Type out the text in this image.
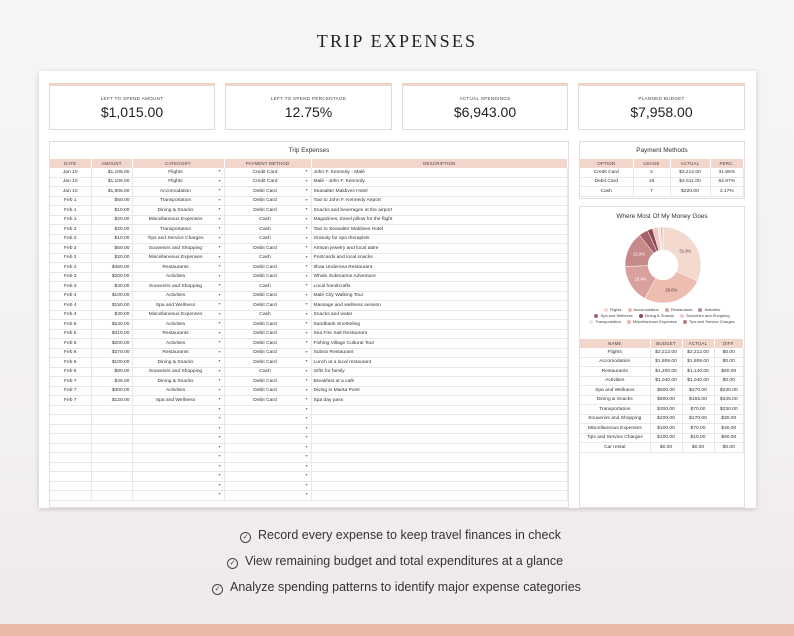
TRIP EXPENSES
LEFT TO SPEND AMOUNT
$1,015.00
LEFT TO SPEND PERCENTAGE
12.75%
ACTUAL SPENDINGS
$6,943.00
PLANNED BUDGET
$7,958.00
Trip Expenses
DATE	AMOUNT	CATEGORY	PAYMENT METHOD	DESCRIPTION
Jan 10	$1,106.00	Flights ▾	Credit Card ▾	John F. Kennedy - Malé
Jan 10	$1,106.00	Flights ▾	Credit Card ▾	Malé - John F. Kennedy
Jan 10	$1,806.00	Accomodation ▾	Debit Card ▾	Seasalter Maldives Hotel
Feb 1	$50.00	Transportation ▾	Debit Card ▾	Taxi to John F. Kennedy Airport
Feb 1	$10.00	Dining & Snacks ▾	Debit Card ▾	Snacks and beverages at the airport
Feb 1	$20.00	Miscellaneous Expenses ▾	Cash ▾	Magazines, travel pillow for the flight
Feb 2	$20.00	Transportation ▾	Cash ▾	Taxi to Seasalter Maldives Hotel
Feb 2	$10.00	Tips and Service Charges ▾	Cash ▾	Gratuity for spa therapists
Feb 2	$50.00	Souvenirs and Shopping ▾	Debit Card ▾	Artisan jewelry and local attire
Feb 2	$20.00	Miscellaneous Expenses ▾	Cash ▾	Postcards and local snacks
Feb 2	$460.00	Restaurants ▾	Debit Card ▾	Ithaa Undersea Restaurant
Feb 3	$200.00	Activities ▾	Debit Card ▾	Whale Submarine Adventure
Feb 3	$40.00	Souvenirs and Shopping ▾	Cash ▾	Local handicrafts
Feb 4	$100.00	Activities ▾	Debit Card ▾	Malé City Walking Tour
Feb 4	$150.00	Spa and Wellness ▾	Debit Card ▾	Massage and wellness session
Feb 4	$30.00	Miscellaneous Expenses ▾	Cash ▾	Snacks and water
Feb 5	$240.00	Activities ▾	Debit Card ▾	Sandbank Snorkeling
Feb 5	$310.00	Restaurants ▾	Debit Card ▾	Sea Fire Salt Restaurant
Feb 6	$200.00	Activities ▾	Debit Card ▾	Fishing Village Cultural Tour
Feb 6	$370.00	Restaurants ▾	Debit Card ▾	Subsix Restaurant
Feb 6	$100.00	Dining & Snacks ▾	Debit Card ▾	Lunch at a local restaurant
Feb 6	$80.00	Souvenirs and Shopping ▾	Cash ▾	Gifts for family
Feb 7	$45.00	Dining & Snacks ▾	Debit Card ▾	Breakfast at a café
Feb 7	$300.00	Activities ▾	Debit Card ▾	Diving in Manta Point
Feb 7	$120.00	Spa and Wellness ▾	Debit Card ▾	Spa day pass

		▾	▾	

		▾	▾	

		▾	▾	

		▾	▾	

		▾	▾	

		▾	▾	

		▾	▾	

		▾	▾	

		▾	▾	

		▾	▾	

Payment Methods
OPTION	USAGE	ACTUAL	PERC.
Credit Card	2	$2,212.00	31.86%
Debit Card	16	$4,511.00	64.97%
Cash	7	$220.00	3.17%
Where Most Of My Money Goes
31.9%
26.0%
16.4%
15.0%
Flights	Accomodation	Restaurants	ActivitiesSpa and Wellness	Dining & Snacks	Souvenirs and ShoppingTransportation	Miscellaneous Expenses	Tips and Service Charges
NAME	BUDGET	ACTUAL	DIFF.
Flights	$2,212.00	$2,212.00	$0.00
Accomodation	$1,806.00	$1,806.00	$0.00
Restaurants	$1,200.00	$1,140.00	$60.00
Activities	$1,040.00	$1,040.00	$0.00
Spa and Wellness	$500.00	$270.00	$230.00
Dining & Snacks	$500.00	$155.00	$345.00
Transportation	$300.00	$70.00	$230.00
Souvenirs and Shopping	$200.00	$170.00	$30.00
Miscellaneous Expenses	$100.00	$70.00	$30.00
Tips and Service Charges	$100.00	$10.00	$90.00
Car rental	$0.00	$0.00	$0.00
✓ Record every expense to keep travel finances in check
✓ View remaining budget and total expenditures at a glance
✓ Analyze spending patterns to identify major expense categories
